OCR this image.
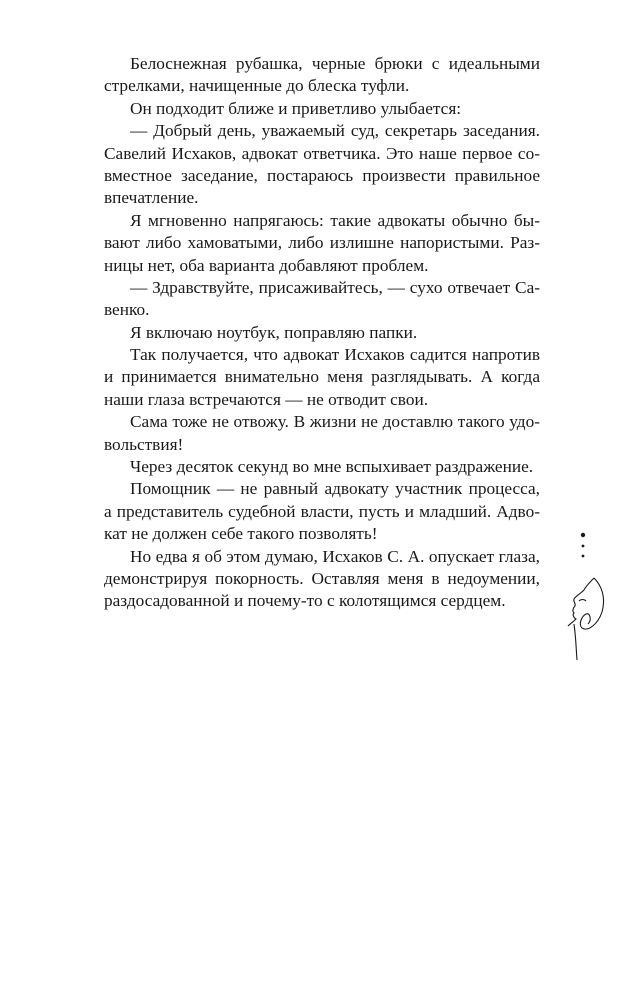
Белоснежная рубашка, черные брюки с идеальными
стрелками, начищенные до блеска туфли.

Он подходит ближе и приветливо улыбается:

— Добрый день, уважаемый суд, секретарь заседания.
Савелий Исхаков, адвокат ответчика. Это наше первое со-
вместное заседание, постараюсь произвести правильное
впечатление.

Я мгновенно напрягаюсь: такие адвокаты обычно бы-
вают либо хамоватыми, либо излишне напористыми. Раз-
ницы нет, оба варианта добавляют проблем.

— Здравствуйте, присаживайтесь, — сухо отвечает Са-
венко.

Я включаю ноутбук, поправляю папки.

Так получается, что адвокат Исхаков садится напротив
и принимается внимательно меня разглядывать. А когда
наши глаза встречаются — не отводит свои.

Сама тоже не отвожу. В жизни не доставлю такого удо-
вольствия!

Через десяток секунд во мне вспыхивает раздражение.

Помощник — не равный адвокату участник процесса,
а представитель судебной власти, пусть и младший. Адво-
кат не должен себе такого позволять!

Но едва я об этом думаю, Исхаков С. А. опускает глаза,
демонстрируя покорность. Оставляя меня в недоумении,
раздосадованной и почему-то с колотящимся сердцем.
